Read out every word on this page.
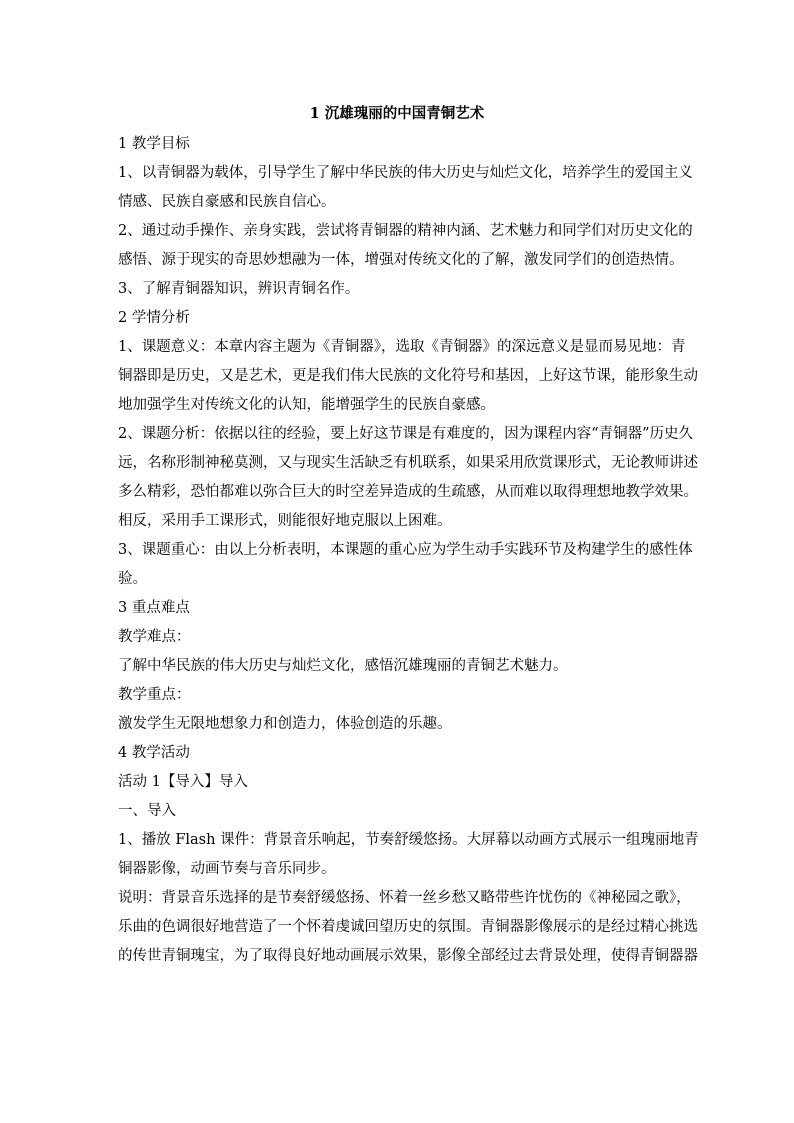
1 沉雄瑰丽的中国青铜艺术

1 教学目标

1、以青铜器为载体，引导学生了解中华民族的伟大历史与灿烂文化，培养学生的爱国主义

情感、民族自豪感和民族自信心。

2、通过动手操作、亲身实践，尝试将青铜器的精神内涵、艺术魅力和同学们对历史文化的

感悟、源于现实的奇思妙想融为一体，增强对传统文化的了解，激发同学们的创造热情。

3、了解青铜器知识，辨识青铜名作。

2 学情分析

1、课题意义：本章内容主题为《青铜器》，选取《青铜器》的深远意义是显而易见地：青

铜器即是历史，又是艺术，更是我们伟大民族的文化符号和基因，上好这节课，能形象生动

地加强学生对传统文化的认知，能增强学生的民族自豪感。

2、课题分析：依据以往的经验，要上好这节课是有难度的，因为课程内容“青铜器”历史久

远，名称形制神秘莫测，又与现实生活缺乏有机联系，如果采用欣赏课形式，无论教师讲述

多么精彩，恐怕都难以弥合巨大的时空差异造成的生疏感，从而难以取得理想地教学效果。

相反，采用手工课形式，则能很好地克服以上困难。

3、课题重心：由以上分析表明，本课题的重心应为学生动手实践环节及构建学生的感性体

验。

3 重点难点

教学难点：

了解中华民族的伟大历史与灿烂文化，感悟沉雄瑰丽的青铜艺术魅力。

教学重点：

激发学生无限地想象力和创造力，体验创造的乐趣。

4 教学活动

活动 1【导入】导入

一、导入

1、播放 Flash 课件：背景音乐响起，节奏舒缓悠扬。大屏幕以动画方式展示一组瑰丽地青

铜器影像，动画节奏与音乐同步。

说明：背景音乐选择的是节奏舒缓悠扬、怀着一丝乡愁又略带些许忧伤的《神秘园之歌》，

乐曲的色调很好地营造了一个怀着虔诚回望历史的氛围。青铜器影像展示的是经过精心挑选

的传世青铜瑰宝，为了取得良好地动画展示效果，影像全部经过去背景处理，使得青铜器器
